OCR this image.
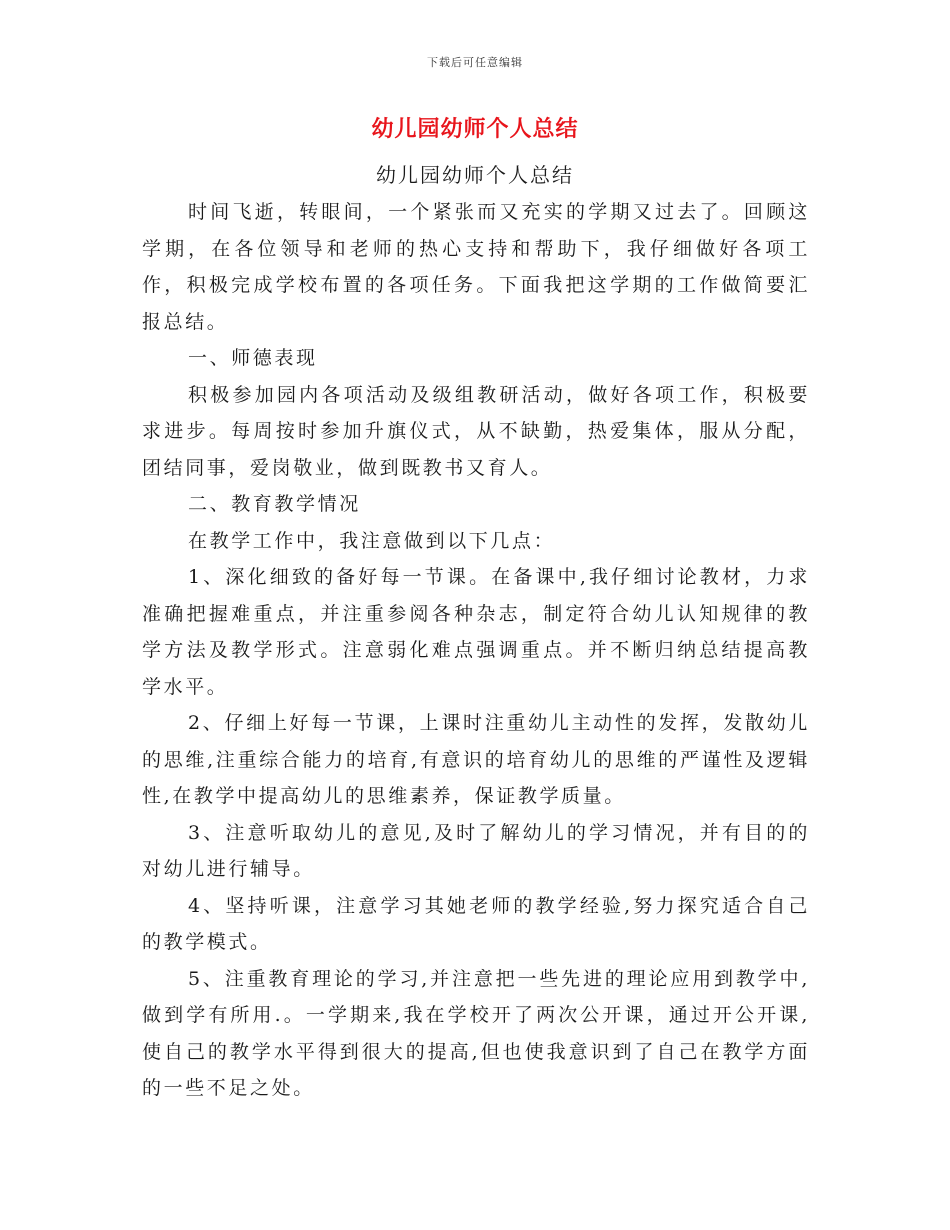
下载后可任意编辑
幼儿园幼师个人总结
幼儿园幼师个人总结

时间飞逝，转眼间，一个紧张而又充实的学期又过去了。回顾这学期，在各位领导和老师的热心支持和帮助下，我仔细做好各项工作，积极完成学校布置的各项任务。下面我把这学期的工作做简要汇报总结。

一、师德表现

积极参加园内各项活动及级组教研活动，做好各项工作，积极要求进步。每周按时参加升旗仪式，从不缺勤，热爱集体，服从分配，团结同事，爱岗敬业，做到既教书又育人。

二、教育教学情况

在教学工作中，我注意做到以下几点：

1、深化细致的备好每一节课。在备课中,我仔细讨论教材，力求准确把握难重点，并注重参阅各种杂志，制定符合幼儿认知规律的教学方法及教学形式。注意弱化难点强调重点。并不断归纳总结提高教学水平。

2、仔细上好每一节课，上课时注重幼儿主动性的发挥，发散幼儿的思维,注重综合能力的培育,有意识的培育幼儿的思维的严谨性及逻辑性,在教学中提高幼儿的思维素养，保证教学质量。

3、注意听取幼儿的意见,及时了解幼儿的学习情况，并有目的的对幼儿进行辅导。

4、坚持听课，注意学习其她老师的教学经验,努力探究适合自己的教学模式。

5、注重教育理论的学习,并注意把一些先进的理论应用到教学中,做到学有所用.。一学期来,我在学校开了两次公开课，通过开公开课,使自己的教学水平得到很大的提高,但也使我意识到了自己在教学方面的一些不足之处。
